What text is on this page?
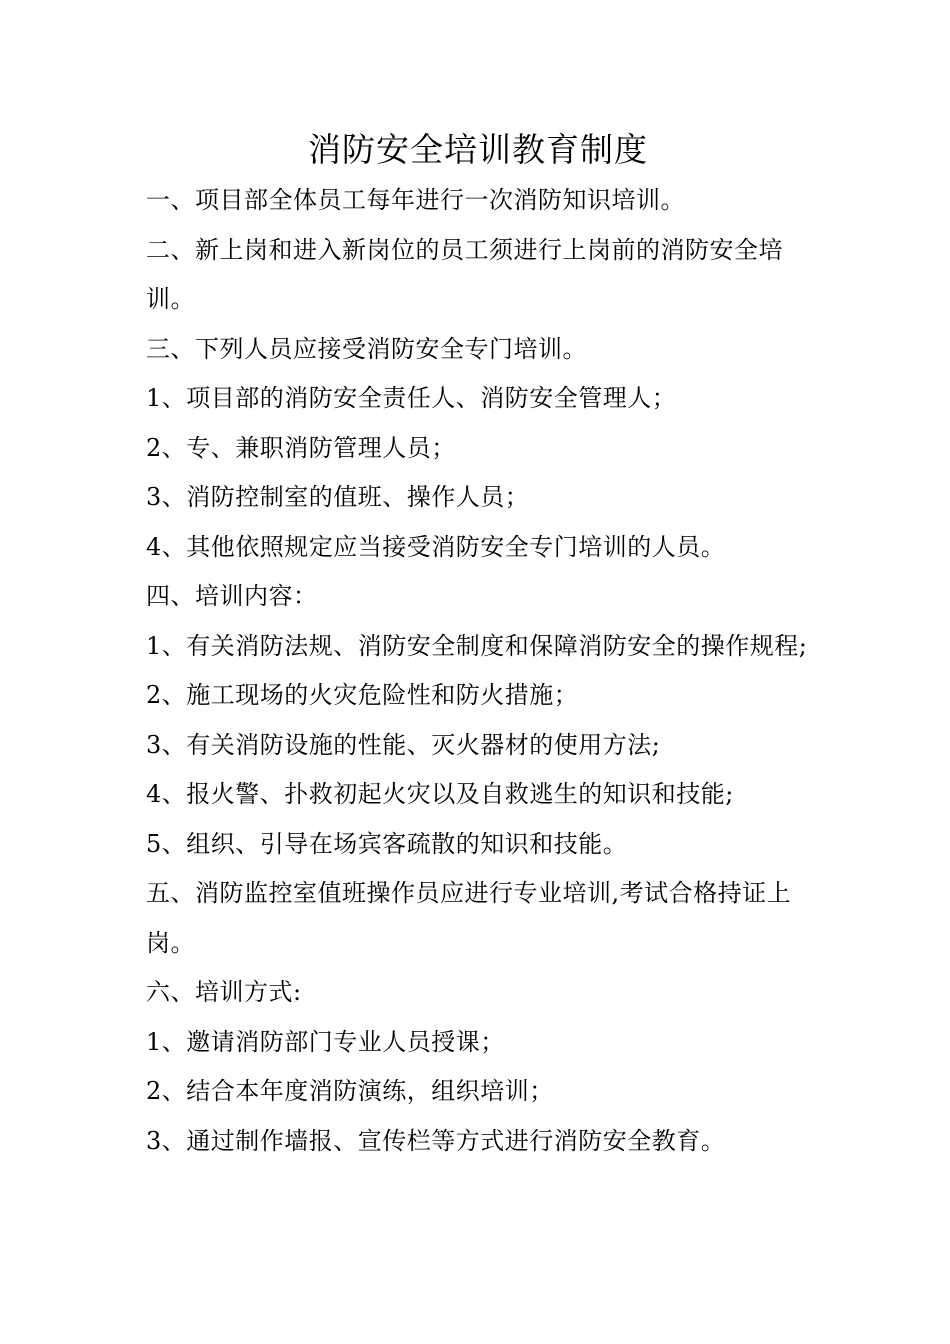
消防安全培训教育制度

一、项目部全体员工每年进行一次消防知识培训。

二、新上岗和进入新岗位的员工须进行上岗前的消防安全培训。

三、下列人员应接受消防安全专门培训。

1、项目部的消防安全责任人、消防安全管理人；

2、专、兼职消防管理人员；

3、消防控制室的值班、操作人员；

4、其他依照规定应当接受消防安全专门培训的人员。

四、培训内容：

1、有关消防法规、消防安全制度和保障消防安全的操作规程;

2、施工现场的火灾危险性和防火措施；

3、有关消防设施的性能、灭火器材的使用方法;

4、报火警、扑救初起火灾以及自救逃生的知识和技能;

5、组织、引导在场宾客疏散的知识和技能。

五、消防监控室值班操作员应进行专业培训,考试合格持证上岗。

六、培训方式:

1、邀请消防部门专业人员授课；

2、结合本年度消防演练，组织培训；

3、通过制作墙报、宣传栏等方式进行消防安全教育。
